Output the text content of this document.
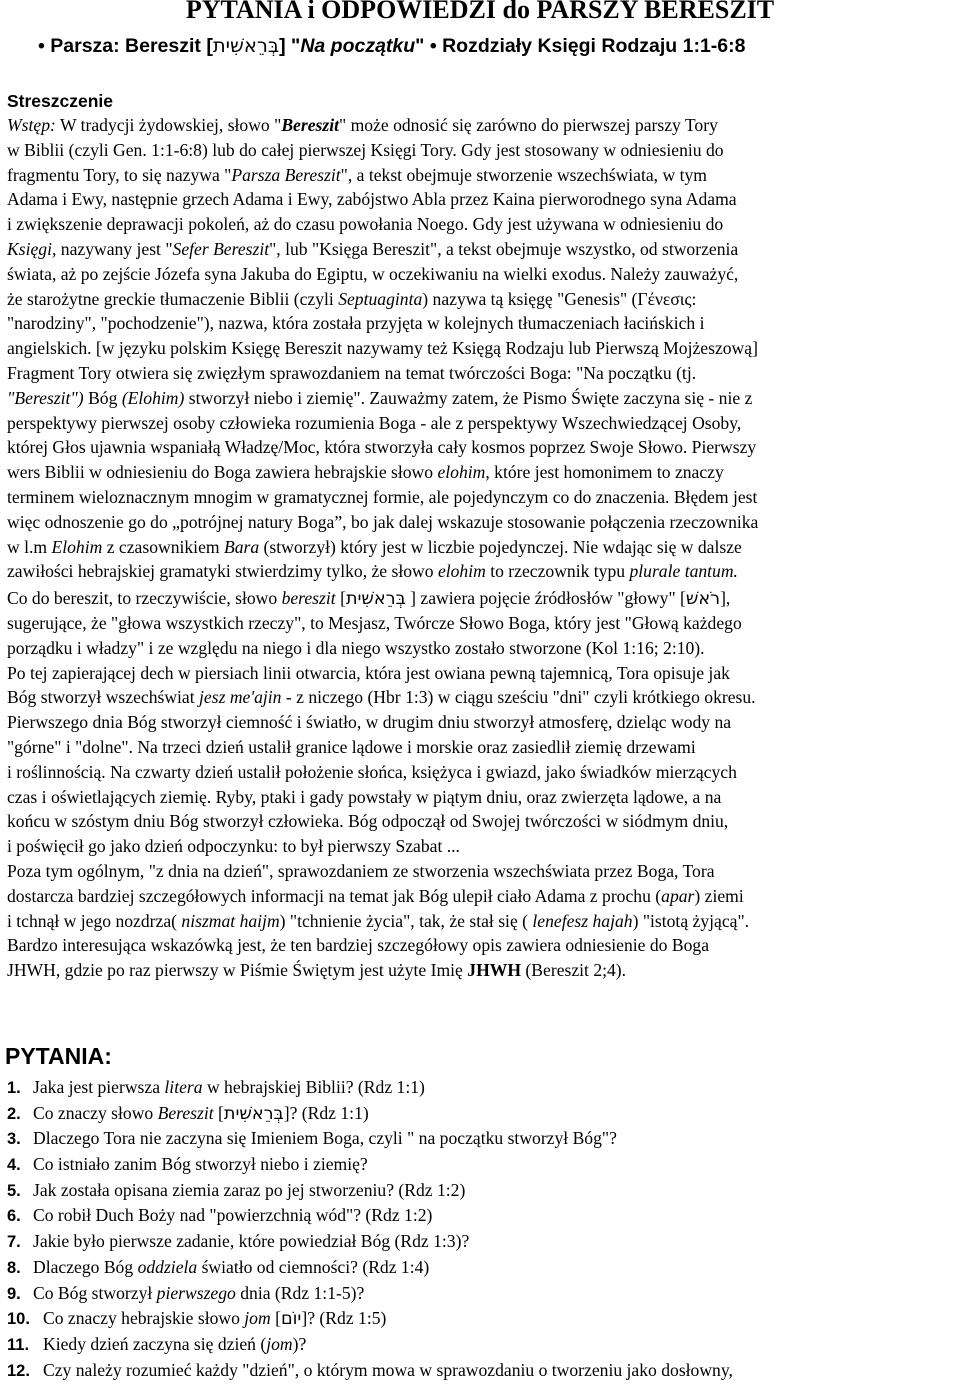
PYTANIA i ODPOWIEDZI do PARSZY BERESZIT
• Parsza: Bereszit [בְּרֵאשִׁית] "Na początku" • Rozdziały Księgi Rodzaju 1:1-6:8
Streszczenie
Wstęp: W tradycji żydowskiej, słowo "Bereszit" może odnosić się zarówno do pierwszej parszy Tory
w Biblii (czyli Gen. 1:1-6:8) lub do całej pierwszej Księgi Tory. Gdy jest stosowany w odniesieniu do
fragmentu Tory, to się nazywa "Parsza Bereszit", a tekst obejmuje stworzenie wszechświata, w tym
Adama i Ewy, następnie grzech Adama i Ewy, zabójstwo Abla przez Kaina pierworodnego syna Adama
i zwiększenie deprawacji pokoleń, aż do czasu powołania Noego. Gdy jest używana w odniesieniu do
Księgi, nazywany jest "Sefer Bereszit", lub "Księga Bereszit", a tekst obejmuje wszystko, od stworzenia
świata, aż po zejście Józefa syna Jakuba do Egiptu, w oczekiwaniu na wielki exodus. Należy zauważyć,
że starożytne greckie tłumaczenie Biblii (czyli Septuaginta) nazywa tą księgę "Genesis" (Γένεσις:
"narodziny", "pochodzenie"), nazwa, która została przyjęta w kolejnych tłumaczeniach łacińskich i
angielskich. [w języku polskim Księgę Bereszit nazywamy też Księgą Rodzaju lub Pierwszą Mojżeszową]
Fragment Tory otwiera się zwięzłym sprawozdaniem na temat twórczości Boga: "Na początku (tj.
"Bereszit") Bóg (Elohim) stworzył niebo i ziemię". Zauważmy zatem, że Pismo Święte zaczyna się - nie z
perspektywy pierwszej osoby człowieka rozumienia Boga - ale z perspektywy Wszechwiedzącej Osoby,
której Głos ujawnia wspaniałą Władzę/Moc, która stworzyła cały kosmos poprzez Swoje Słowo. Pierwszy
wers Biblii w odniesieniu do Boga zawiera hebrajskie słowo elohim, które jest homonimem to znaczy
terminem wieloznacznym mnogim w gramatycznej formie, ale pojedynczym co do znaczenia. Błędem jest
więc odnoszenie go do „potrójnej natury Boga”, bo jak dalej wskazuje stosowanie połączenia rzeczownika
w l.m Elohim z czasownikiem Bara (stworzył) który jest w liczbie pojedynczej. Nie wdając się w dalsze
zawiłości hebrajskiej gramatyki stwierdzimy tylko, że słowo elohim to rzeczownik typu plurale tantum.
Co do bereszit, to rzeczywiście, słowo bereszit [בְּרֵאשִׁית ] zawiera pojęcie źródłosłów "głowy" [רֹאשׁ],
sugerujące, że "głowa wszystkich rzeczy", to Mesjasz, Twórcze Słowo Boga, który jest "Głową każdego
porządku i władzy" i ze względu na niego i dla niego wszystko zostało stworzone (Kol 1:16; 2:10).
Po tej zapierającej dech w piersiach linii otwarcia, która jest owiana pewną tajemnicą, Tora opisuje jak
Bóg stworzył wszechświat jesz me'ajin - z niczego (Hbr 1:3) w ciągu sześciu "dni" czyli krótkiego okresu.
Pierwszego dnia Bóg stworzył ciemność i światło, w drugim dniu stworzył atmosferę, dzieląc wody na
"górne" i "dolne". Na trzeci dzień ustalił granice lądowe i morskie oraz zasiedlił ziemię drzewami
i roślinnością. Na czwarty dzień ustalił położenie słońca, księżyca i gwiazd, jako świadków mierzących
czas i oświetlających ziemię. Ryby, ptaki i gady powstały w piątym dniu, oraz zwierzęta lądowe, a na
końcu w szóstym dniu Bóg stworzył człowieka. Bóg odpoczął od Swojej twórczości w siódmym dniu,
i poświęcił go jako dzień odpoczynku: to był pierwszy Szabat ...
Poza tym ogólnym, "z dnia na dzień", sprawozdaniem ze stworzenia wszechświata przez Boga, Tora
dostarcza bardziej szczegółowych informacji na temat jak Bóg ulepił ciało Adama z prochu (apar) ziemi
i tchnął w jego nozdrza( niszmat haijm) "tchnienie życia", tak, że stał się ( lenefesz hajah) "istotą żyjącą".
Bardzo interesująca wskazówką jest, że ten bardziej szczegółowy opis zawiera odniesienie do Boga
JHWH, gdzie po raz pierwszy w Piśmie Świętym jest użyte Imię JHWH (Bereszit 2;4).
PYTANIA:
1. Jaka jest pierwsza litera w hebrajskiej Biblii? (Rdz 1:1)
2. Co znaczy słowo Bereszit [בְּרֵאשִׁית]? (Rdz 1:1)
3. Dlaczego Tora nie zaczyna się Imieniem Boga, czyli " na początku stworzył Bóg"?
4. Co istniało zanim Bóg stworzył niebo i ziemię?
5. Jak została opisana ziemia zaraz po jej stworzeniu? (Rdz 1:2)
6. Co robił Duch Boży nad "powierzchnią wód"? (Rdz 1:2)
7. Jakie było pierwsze zadanie, które powiedział Bóg (Rdz 1:3)?
8. Dlaczego Bóg oddziela światło od ciemności? (Rdz 1:4)
9. Co Bóg stworzył pierwszego dnia (Rdz 1:1-5)?
10. Co znaczy hebrajskie słowo jom [יוֹם]? (Rdz 1:5)
11. Kiedy dzień zaczyna się dzień (jom)?
12. Czy należy rozumieć każdy "dzień", o którym mowa w sprawozdaniu o tworzeniu jako dosłowny,
